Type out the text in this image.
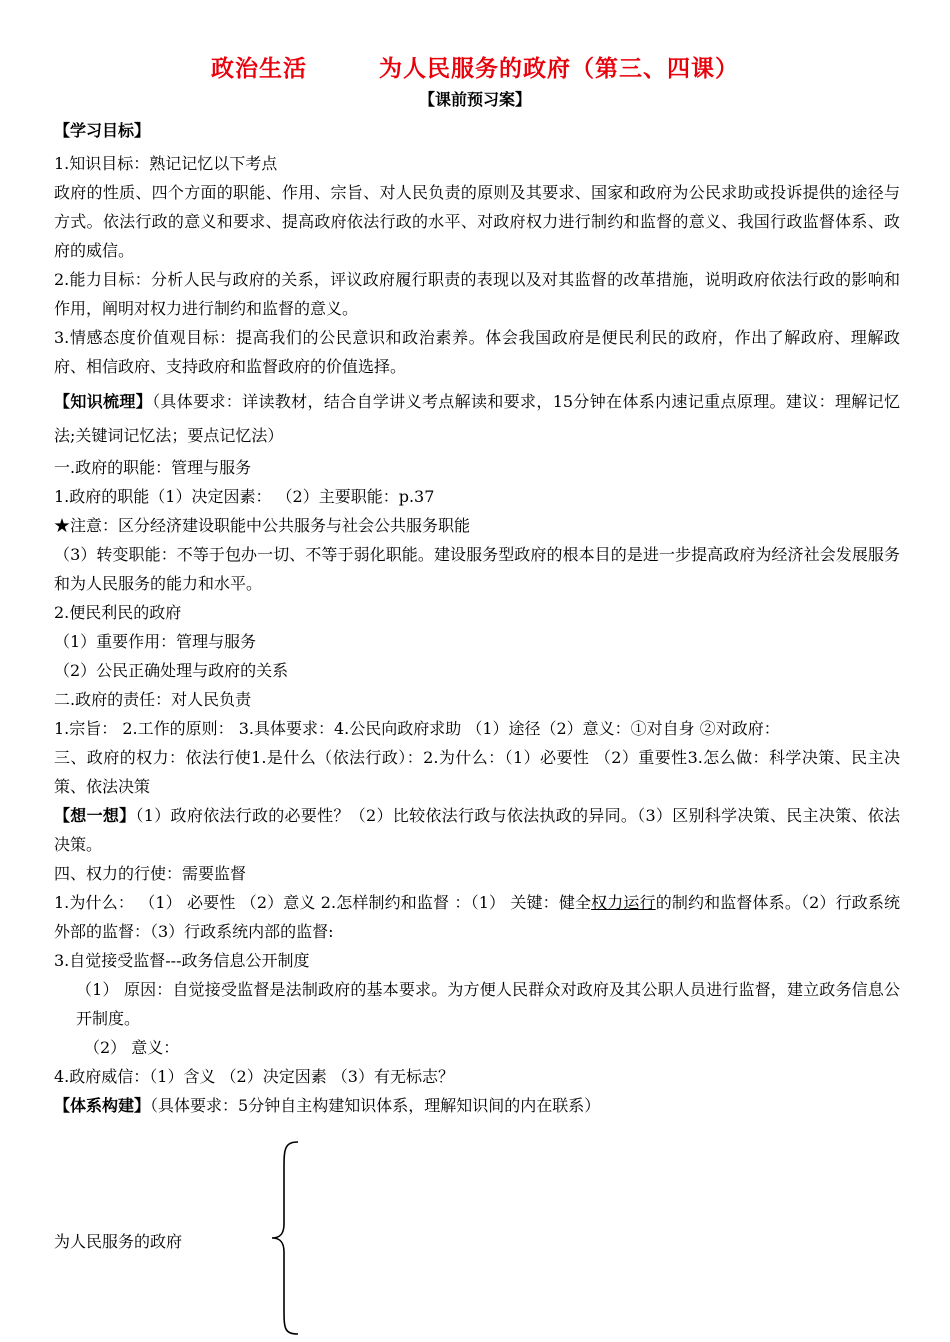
政治生活        为人民服务的政府（第三、四课）
【课前预习案】

【学习目标】

1.知识目标：熟记记忆以下考点

政府的性质、四个方面的职能、作用、宗旨、对人民负责的原则及其要求、国家和政府为公民求助或投诉提供的途径与方式。依法行政的意义和要求、提高政府依法行政的水平、对政府权力进行制约和监督的意义、我国行政监督体系、政府的威信。

2.能力目标：分析人民与政府的关系，评议政府履行职责的表现以及对其监督的改革措施，说明政府依法行政的影响和作用，阐明对权力进行制约和监督的意义。

3.情感态度价值观目标：提高我们的公民意识和政治素养。体会我国政府是便民利民的政府，作出了解政府、理解政府、相信政府、支持政府和监督政府的价值选择。

【知识梳理】（具体要求：详读教材，结合自学讲义考点解读和要求，15分钟在体系内速记重点原理。建议：理解记忆法;关键词记忆法；要点记忆法）

一.政府的职能：管理与服务

1.政府的职能（1）决定因素： （2）主要职能：p.37

★注意：区分经济建设职能中公共服务与社会公共服务职能

（3）转变职能：不等于包办一切、不等于弱化职能。建设服务型政府的根本目的是进一步提高政府为经济社会发展服务和为人民服务的能力和水平。

2.便民利民的政府

（1）重要作用：管理与服务

（2）公民正确处理与政府的关系

二.政府的责任：对人民负责

1.宗旨： 2.工作的原则： 3.具体要求：4.公民向政府求助 （1）途径（2）意义：①对自身 ②对政府：

三、政府的权力：依法行使1.是什么（依法行政）：2.为什么：（1）必要性 （2）重要性3.怎么做：科学决策、民主决策、依法决策

【想一想】（1）政府依法行政的必要性？（2）比较依法行政与依法执政的异同。（3）区别科学决策、民主决策、依法决策。

四、权力的行使：需要监督

1.为什么： （1） 必要性 （2）意义 2.怎样制约和监督 ：（1） 关键：健全权力运行的制约和监督体系。（2）行政系统外部的监督：（3）行政系统内部的监督:

3.自觉接受监督---政务信息公开制度

（1） 原因：自觉接受监督是法制政府的基本要求。为方便人民群众对政府及其公职人员进行监督，建立政务信息公开制度。

（2） 意义：

4.政府威信：（1）含义 （2）决定因素 （3）有无标志？

【体系构建】（具体要求：5分钟自主构建知识体系，理解知识间的内在联系）

为人民服务的政府
